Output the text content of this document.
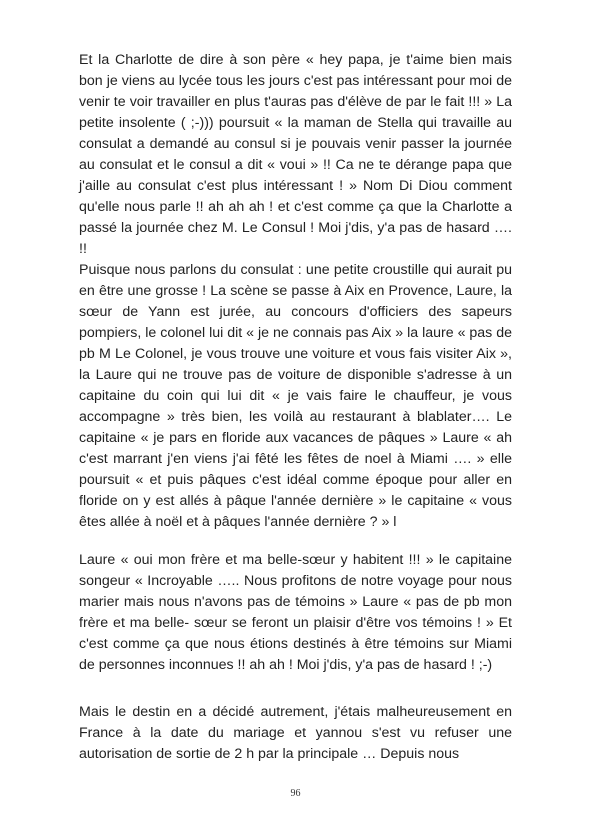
Et la Charlotte de dire à son père « hey papa, je t'aime bien mais bon je viens au lycée tous les jours c'est pas intéressant pour moi de venir te voir travailler en plus t'auras pas d'élève de par le fait !!! » La petite insolente ( ;-))) poursuit « la maman de Stella qui travaille au consulat a demandé au consul si je pouvais venir passer la journée au consulat et le consul a dit « voui » !! Ca ne te dérange papa que j'aille au consulat c'est plus intéressant ! » Nom Di Diou comment qu'elle nous parle !! ah ah ah ! et c'est comme ça que la Charlotte a passé la journée chez M. Le Consul ! Moi j'dis, y'a pas de hasard …. !!

Puisque nous parlons du consulat : une petite croustille qui aurait pu en être une grosse ! La scène se passe à Aix en Provence, Laure, la sœur de Yann est jurée, au concours d'officiers des sapeurs pompiers, le colonel lui dit « je ne connais pas Aix » la laure « pas de pb M Le Colonel, je vous trouve une voiture et vous fais visiter Aix », la Laure qui ne trouve pas de voiture de disponible s'adresse à un capitaine du coin qui lui dit « je vais faire le chauffeur, je vous accompagne » très bien, les voilà au restaurant à blablater…. Le capitaine « je pars en floride aux vacances de pâques » Laure « ah c'est marrant j'en viens j'ai fêté les fêtes de noel à Miami …. » elle poursuit « et puis pâques c'est idéal comme époque pour aller en floride on y est allés à pâque l'année dernière » le capitaine « vous êtes allée à noël et à pâques l'année dernière ? » l

Laure « oui mon frère et ma belle-sœur y habitent !!! » le capitaine songeur « Incroyable ….. Nous profitons de notre voyage pour nous marier mais nous n'avons pas de témoins » Laure « pas de pb mon frère et ma belle- sœur se feront un plaisir d'être vos témoins ! » Et c'est comme ça que nous étions destinés à être témoins sur Miami de personnes inconnues !! ah ah ! Moi j'dis, y'a pas de hasard ! ;-)

Mais le destin en a décidé autrement, j'étais malheureusement en France à la date du mariage et yannou s'est vu refuser une autorisation de sortie de 2 h par la principale … Depuis nous

96
